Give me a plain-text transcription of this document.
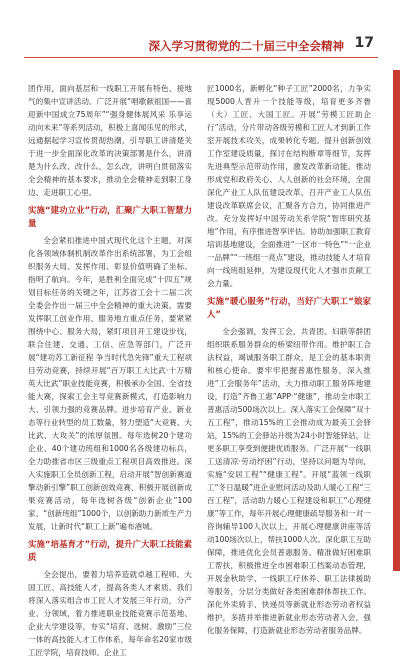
深入学习贯彻党的二十届三中全会精神 17

团作用，面向基层和一线职工开展有特色、接地气的集中宣讲活动。广泛开展“唱歌献祖国——喜迎新中国成立75周年”“强身健体展风采 乐享运动向未来”等系列活动，积极上喜闻乐见的形式，远通据起学习宣传贯彻热潮，引导职工讲清楚关于进一步全面深化改革的决策部署是什么，讲清楚为什么改、改什么、怎么改，讲明白贯彻落实全会精神的基本要求，推动全会精神走到职工身边、走进职工心里。

实施“建功立业”行动，汇聚广大职工智慧力量

全会紧扣推进中国式现代化这个主题，对深化各领域体制机制改革作出系统部署，为工会组织服务大局、发挥作用、彰显价值明确了坐标、指明了航向。今年，是胜利全面完成“十四五”规划目标任务的关键之年，江苏省工会十二届二次全委会作出一届三中全会精神的重大决策。需要发挥职工创业作用、服务地方重点任务，要紧紧围绕中心、服务大局，紧盯项目开工建设步伐，联合住建、交通、工信、应急等部门，广泛开展“建功苏工新征程 争当时代急先锋”重大工程项目劳动竞赛，持续开展“百万职工大比武·十万精英大比武”职业技能竞赛，积极承办全国、全省技能大赛，探索工会主导竞赛新模式，打造影响力大、引领力强的竞赛品牌。进步培育产业、新业态等行业转型的员工数量，努力塑造“大竞赛、大比武、大攻关”的浓厚氛围。每年选树20个建功企业、40个建功班组和1000名各级建功标兵，全力助推省市区三级重点工程项目高效推进。深入实施职工全员创新工程，启动开展“智创新赛道 擎动新引擎”职工创新创效竞赛，积极开展创新成果竞赛活动，每年选树各级“创新企业”100家、“创新班组”1000个，以创新助力新质生产力发展，让新时代“职工上新”遍布港城。

实施“培基育才”行动，提升广大职工技能素质

全会提出，要着力培养造就卓越工程师、大国工匠、高技能人才，提高各类人才素质。我们将深入落实组合市工匠人才发展三年行动，分产业、分领域，着力推进职业技能竞赛示范基地、企业大学建设等，夯实“培育、选树、激励”三位一体的高技能人才工作体系，每年命名20家市级工匠学院，培育技师、企业工

匠1000名，新孵化“种子工匠”2000名，力争实现5000人晋升一个技能等级，培育更多齐鲁（大）工匠、大国工匠。开展“劳模工匠助企行”活动，分片带动各级劳模和工匠人才到新工作室开展技术攻关，成果转化专题。提升创新创效工作室建设质量，探讨在结构断章等细节，发挥先进典型示范带动作用，激发改革新动能。推动形成党和政府关心、人人创新的社会环境，全面深化产业工人队伍建设改革，召开产业工人队伍建设改革联席会议，汇聚各方合力，协同推进产改。充分发挥好中国劳动关系学院“智库研究基地”作用，有序推进智享评估。协助加强职工教育培训基地建设，全面推进“一区市一特色”“一企业一品牌”“一班组一亮点”建设，推动技能人才培育向一线班组延伸，为建设现代化人才强市贡献工会力量。

实施“暖心服务”行动，当好广大职工“娘家人”

全会强调，发挥工会、共青团、妇联等群团组织联系服务群众的桥梁纽带作用。维护职工合法权益，竭诚服务职工群众，是工会的基本职责和核心使命。要牢牢把握普惠性服务，深入推进“工会服务年”活动，大力推动职工服务阵地建设，打造“齐鲁工惠”APP·“健康”，推动全市职工普惠活动500场次以上。深入落实工会保障“双十五工程”，推动15%的工会推动成为最美工会驿站，15%的工会驿站升级为24小时智能驿站，让更多职工享受到便捷优质服务。广泛开展“一线职工送清凉·劳动纾困”行动，坚持以问题为导向，实施“安居工程”“健康工程”。开展“蓝领一线职工“冬日温暖”进企业慰问活动及助人暖心工程“三百工程”，活动助力暖心工程建设和职工“心理健康”等工作，每年开展心理健康疏导服务和一对一咨询辅导100人次以上，开展心理健康讲座等活动100场次以上，帮扶1000人次。深化职工互助保障，推进优化会员普惠服务。精准做好困难职工帮扶，积极推进全市困难职工档案动态管理，开展金秋助学、一线职工疗休养、职工法律援助等服务，分层分类做好各类困难群体帮扶工作。深化外卖骑手、快递员等新就业形态劳动者权益维护，多措并举推进新就业形态劳动者入会，强化服务保障，打造新就业形态劳动者服务品牌。
